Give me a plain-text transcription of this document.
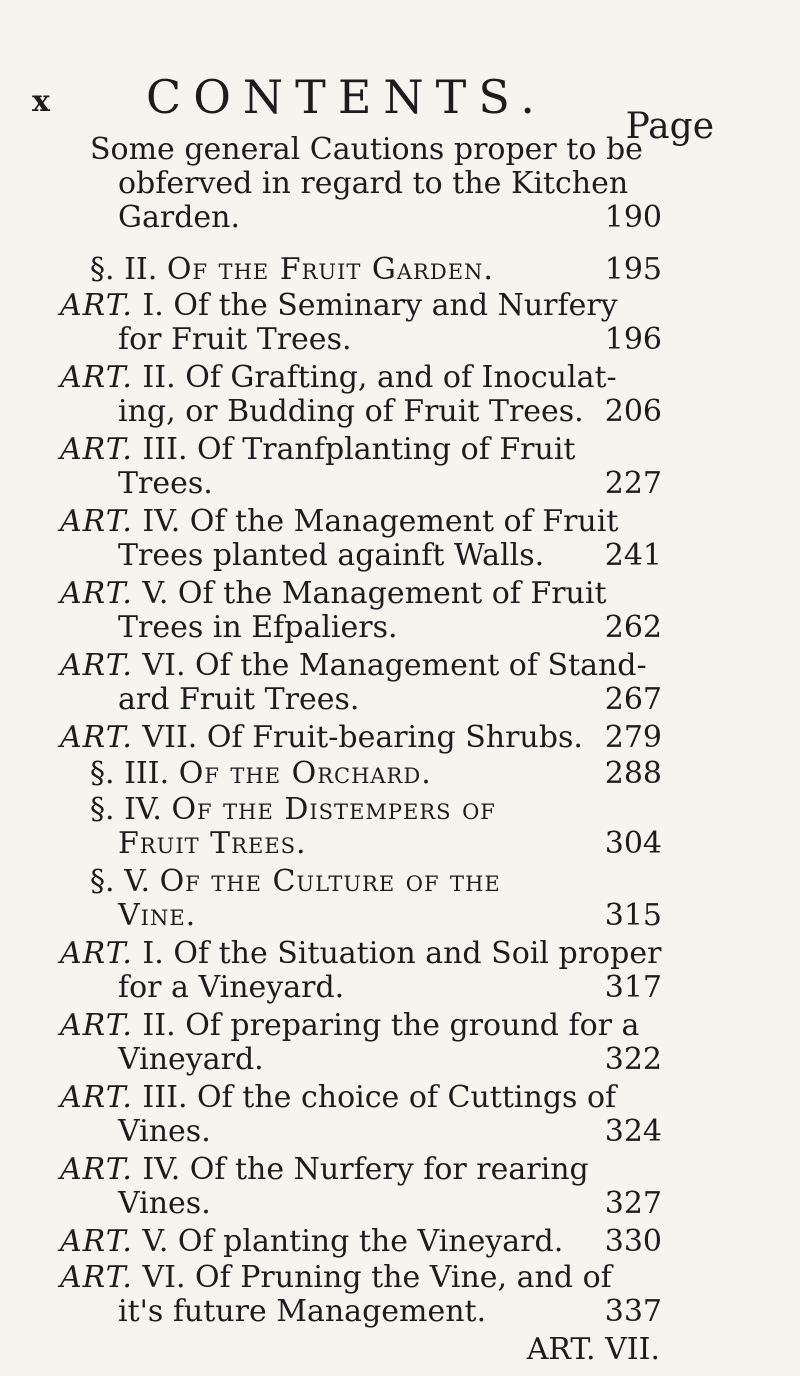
x CONTENTS.
Page
Some general Cautions proper to be
obferved in regard to the Kitchen
Garden.	190
§. II. Of the Fruit Garden.	195
ART. I. Of the Seminary and Nurfery
for Fruit Trees.	196
ART. II. Of Grafting, and of Inoculat-
ing, or Budding of Fruit Trees. 206
ART. III. Of Tranfplanting of Fruit
Trees.	227
ART. IV. Of the Management of Fruit
Trees planted againft Walls. 241
ART. V. Of the Management of Fruit
Trees in Efpaliers.	262
ART. VI. Of the Management of Stand-
ard Fruit Trees.	267
ART. VII. Of Fruit-bearing Shrubs. 279
§. III. Of the Orchard.	288
§. IV. Of the Distempers of
Fruit Trees.	304
§. V. Of the Culture of the
Vine.	315
ART. I. Of the Situation and Soil proper
for a Vineyard.	317
ART. II. Of preparing the ground for a
Vineyard.	322
ART. III. Of the choice of Cuttings of
Vines.	324
ART. IV. Of the Nurfery for rearing
Vines.	327
ART. V. Of planting the Vineyard. 330
ART. VI. Of Pruning the Vine, and of
it's future Management.	337
ART. VII.
